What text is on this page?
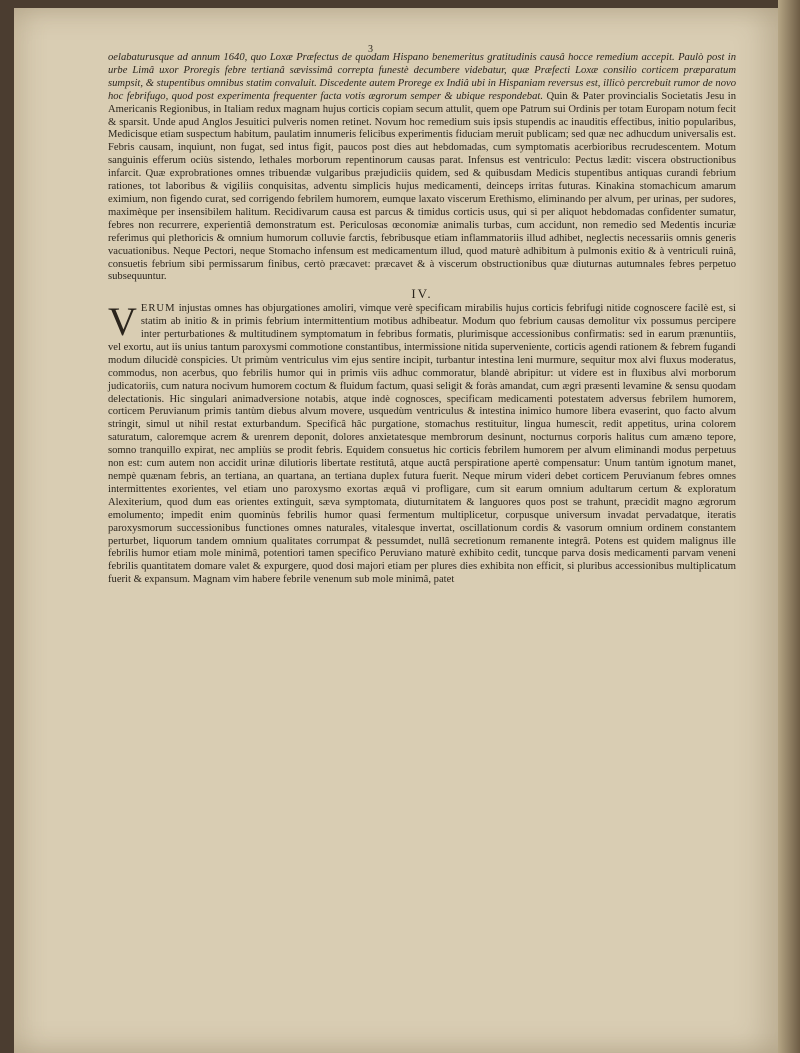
3

oelabaturusque ad annum 1640, quo Loxæ Præfectus de quodam Hispano benemeritus gratitudinis causâ hocce remedium accepit. Paulò post in urbe Limâ uxor Proregis febre tertianâ sævissimâ correpta funestè decumbere videbatur, quæ Præfecti Loxæ consilio corticem præparatum sumpsit, & stupentibus omnibus statim convaluit. Discedente autem Prorege ex Indiâ ubi in Hispaniam reversus est, illicò percrebuit rumor de novo hoc febrifugo, quod post experimenta frequenter facta votis ægrorum semper & ubique respondebat. Quin & Pater provincialis Societatis Jesu in Americanis Regionibus, in Italiam redux magnam hujus corticis copiam secum attulit, quem ope Patrum sui Ordinis per totam Europam notum fecit & sparsit. Unde apud Anglos Jesuitici pulveris nomen retinet. Novum hoc remedium suis ipsis stupendis ac inauditis effectibus, initio popularibus, Medicisque etiam suspectum habitum, paulatim innumeris felicibus experimentis fiduciam meruit publicam; sed quæ nec adhucdum universalis est. Febris causam, inquiunt, non fugat, sed intus figit, paucos post dies aut hebdomadas, cum symptomatis acerbioribus recrudescentem. Motum sanguinis efferum ociùs sistendo, lethales morborum repentinorum causas parat. Infensus est ventriculo: Pectus lædit: viscera obstructionibus infarcit. Quæ exprobrationes omnes tribuendæ vulgaribus præjudiciis quidem, sed & quibusdam Medicis stupentibus antiquas curandi febrium rationes, tot laboribus & vigiliis conquisitas, adventu simplicis hujus medicamenti, deinceps irritas futuras. Kinakina stomachicum amarum eximium, non figendo curat, sed corrigendo febrilem humorem, eumque laxato viscerum Erethismo, eliminando per alvum, per urinas, per sudores, maximèque per insensibilem halitum. Recidivarum causa est parcus & timidus corticis usus, qui si per aliquot hebdomadas confidenter sumatur, febres non recurrere, experientiâ demonstratum est. Periculosas œconomiæ animalis turbas, cum accidunt, non remedio sed Medentis incuriæ referimus qui plethoricis & omnium humorum colluvie farctis, febribusque etiam inflammatoriis illud adhibet, neglectis necessariis omnis generis vacuationibus. Neque Pectori, neque Stomacho infensum est medicamentum illud, quod maturè adhibitum à pulmonis exitio & à ventriculi ruinâ, consuetis febrium sibi permissarum finibus, certò præcavet: præcavet & à viscerum obstructionibus quæ diuturnas autumnales febres perpetuo subsequuntur.

IV.

V ERUM injustas omnes has objurgationes amoliri, vimque verè specificam mirabilis hujus corticis febrifugi nitide cognoscere facilè est, si statim ab initio & in primis febrium intermittentium motibus adhibeatur. Modum quo febrium causas demolitur vix possumus percipere inter perturbationes & multitudinem symptomatum in febribus formatis, plurimisque accessionibus confirmatis: sed in earum prænuntiis, vel exortu, aut iis unius tantum paroxysmi commotione constantibus, intermissione nitida superveniente, corticis agendi rationem & febrem fugandi modum dilucidè conspicies. Ut primùm ventriculus vim ejus sentire incipit, turbantur intestina leni murmure, sequitur mox alvi fluxus moderatus, commodus, non acerbus, quo febrilis humor qui in primis viis adhuc commoratur, blandè abripitur: ut videre est in fluxibus alvi morborum judicatoriis, cum natura nocivum humorem coctum & fluidum factum, quasi seligit & foràs amandat, cum ægri præsenti levamine & sensu quodam delectationis. Hic singulari animadversione notabis, atque indè cognosces, specificam medicamenti potestatem adversus febrilem humorem, corticem Peruvianum primis tantùm diebus alvum movere, usquedùm ventriculus & intestina inimico humore libera evaserint, quo facto alvum stringit, simul ut nihil restat exturbandum. Specificâ hâc purgatione, stomachus restituitur, lingua humescit, redit appetitus, urina colorem saturatum, caloremque acrem & urenrem deponit, dolores anxietatesque membrorum desinunt, nocturnus corporis halitus cum amæno tepore, somno tranquillo expirat, nec ampliùs se prodit febris. Equidem consuetus hic corticis febrilem humorem per alvum eliminandi modus perpetuus non est: cum autem non accidit urinæ dilutioris libertate restitutâ, atque auctâ perspiratione apertè compensatur: Unum tantùm ignotum manet, nempè quænam febris, an tertiana, an quartana, an tertiana duplex futura fuerit. Neque mirum videri debet corticem Peruvianum febres omnes intermittentes exorientes, vel etiam uno paroxysmo exortas æquâ vi profligare, cum sit earum omnium adultarum certum & exploratum Alexiterium, quod dum eas orientes extinguit, sæva symptomata, diuturnitatem & languores quos post se trahunt, præcidit magno ægrorum emolumento; impedit enim quominùs febrilis humor quasi fermentum multiplicetur, corpusque universum invadat pervadatque, iteratis paroxysmorum successionibus functiones omnes naturales, vitalesque invertat, oscillationum cordis & vasorum omnium ordinem constantem perturbet, liquorum tandem omnium qualitates corrumpat & pessumdet, nullâ secretionum remanente integrâ. Potens est quidem malignus ille febrilis humor etiam mole minimâ, potentiori tamen specifico Peruviano maturè exhibito cedit, tuncque parva dosis medicamenti parvam veneni febrilis quantitatem domare valet & expurgere, quod dosi majori etiam per plures dies exhibita non efficit, si pluribus accessionibus multiplicatum fuerit & expansum. Magnam vim habere febrile venenum sub mole minimâ, patet
